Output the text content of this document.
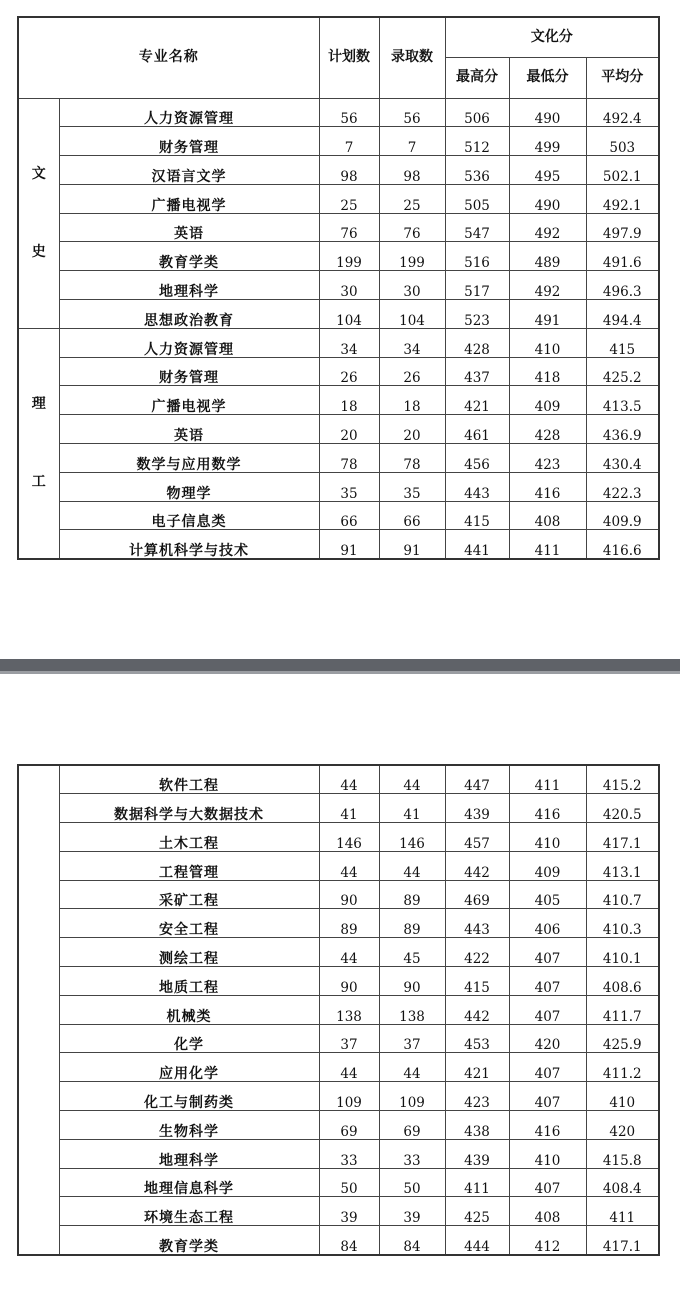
专业名称		计划数	录取数	文化分		
				最高分	最低分	平均分

文
史	人力资源管理	56	56	506	490	492.4
	财务管理	7	7	512	499	503
	汉语言文学	98	98	536	495	502.1
	广播电视学	25	25	505	490	492.1
	英语	76	76	547	492	497.9
	教育学类	199	199	516	489	491.6
	地理科学	30	30	517	492	496.3
	思想政治教育	104	104	523	491	494.4

理
工	人力资源管理	34	34	428	410	415
	财务管理	26	26	437	418	425.2
	广播电视学	18	18	421	409	413.5
	英语	20	20	461	428	436.9
	数学与应用数学	78	78	456	423	430.4
	物理学	35	35	443	416	422.3
	电子信息类	66	66	415	408	409.9
	计算机科学与技术	91	91	441	411	416.6
	软件工程	44	44	447	411	415.2
	数据科学与大数据技术	41	41	439	416	420.5
	土木工程	146	146	457	410	417.1
	工程管理	44	44	442	409	413.1
	采矿工程	90	89	469	405	410.7
	安全工程	89	89	443	406	410.3
	测绘工程	44	45	422	407	410.1
	地质工程	90	90	415	407	408.6
	机械类	138	138	442	407	411.7
	化学	37	37	453	420	425.9
	应用化学	44	44	421	407	411.2
	化工与制药类	109	109	423	407	410
	生物科学	69	69	438	416	420
	地理科学	33	33	439	410	415.8
	地理信息科学	50	50	411	407	408.4
	环境生态工程	39	39	425	408	411
	教育学类	84	84	444	412	417.1
